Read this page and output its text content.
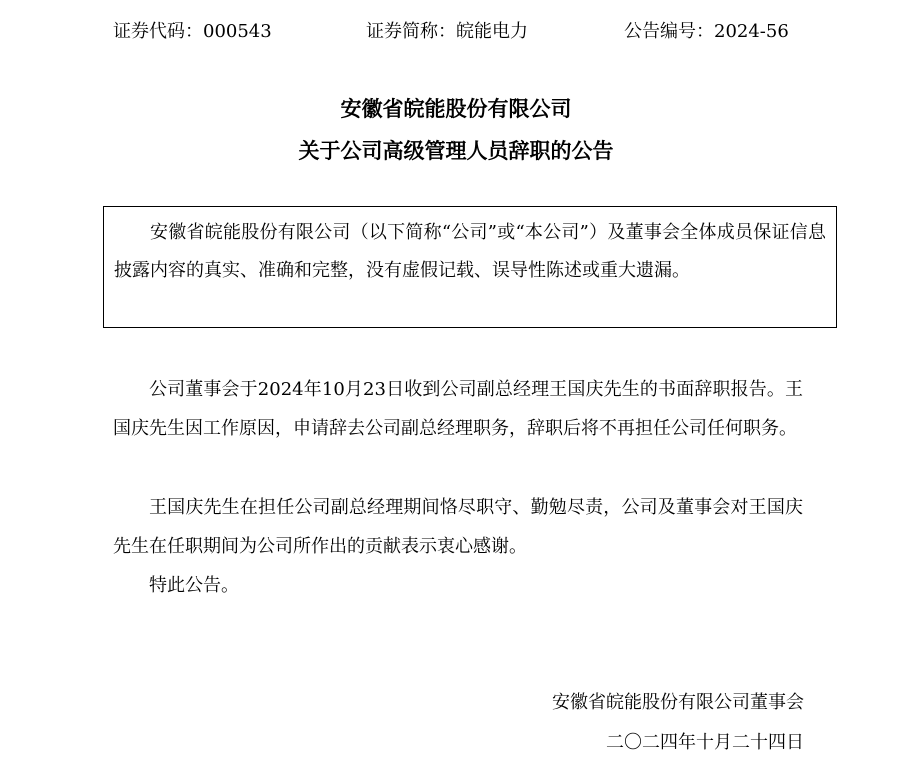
证券代码：000543	证券简称：皖能电力	公告编号：2024-56
安徽省皖能股份有限公司
关于公司高级管理人员辞职的公告

安徽省皖能股份有限公司（以下简称“公司”或“本公司”）及董事会全体成员保证信息披露内容的真实、准确和完整，没有虚假记载、误导性陈述或重大遗漏。

公司董事会于2024年10月23日收到公司副总经理王国庆先生的书面辞职报告。王国庆先生因工作原因，申请辞去公司副总经理职务，辞职后将不再担任公司任何职务。

王国庆先生在担任公司副总经理期间恪尽职守、勤勉尽责，公司及董事会对王国庆先生在任职期间为公司所作出的贡献表示衷心感谢。

特此公告。

安徽省皖能股份有限公司董事会
二〇二四年十月二十四日
